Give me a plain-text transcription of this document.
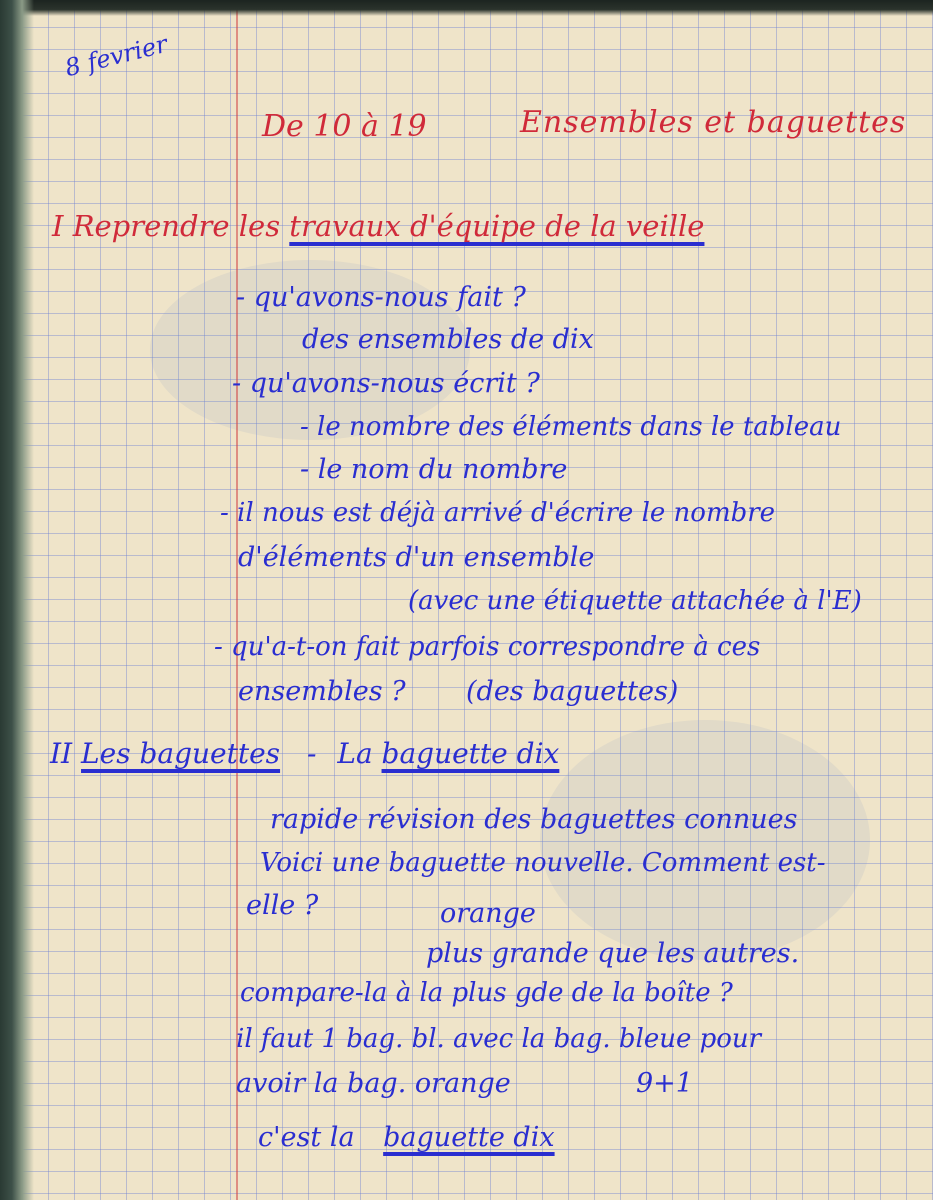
8 fevrier
De 10 à 19	Ensembles et baguettes
I Reprendre les travaux d'équipe de la veille
- qu'avons-nous fait ?
des ensembles de dix
- qu'avons-nous écrit ?
- le nombre des éléments dans le tableau
- le nom du nombre
- il nous est déjà arrivé d'écrire le nombre
d'éléments d'un ensemble
(avec une étiquette attachée à l'E)
- qu'a-t-on fait parfois correspondre à ces
ensembles ? (des baguettes)
II Les baguettes - La baguette dix
rapide révision des baguettes connues
Voici une baguette nouvelle. Comment est-
elle ?	orange
plus grande que les autres.
compare-la à la plus gde de la boîte ?
il faut 1 bag. bl. avec la bag. bleue pour
avoir la bag. orange	9+1
c'est la baguette dix
